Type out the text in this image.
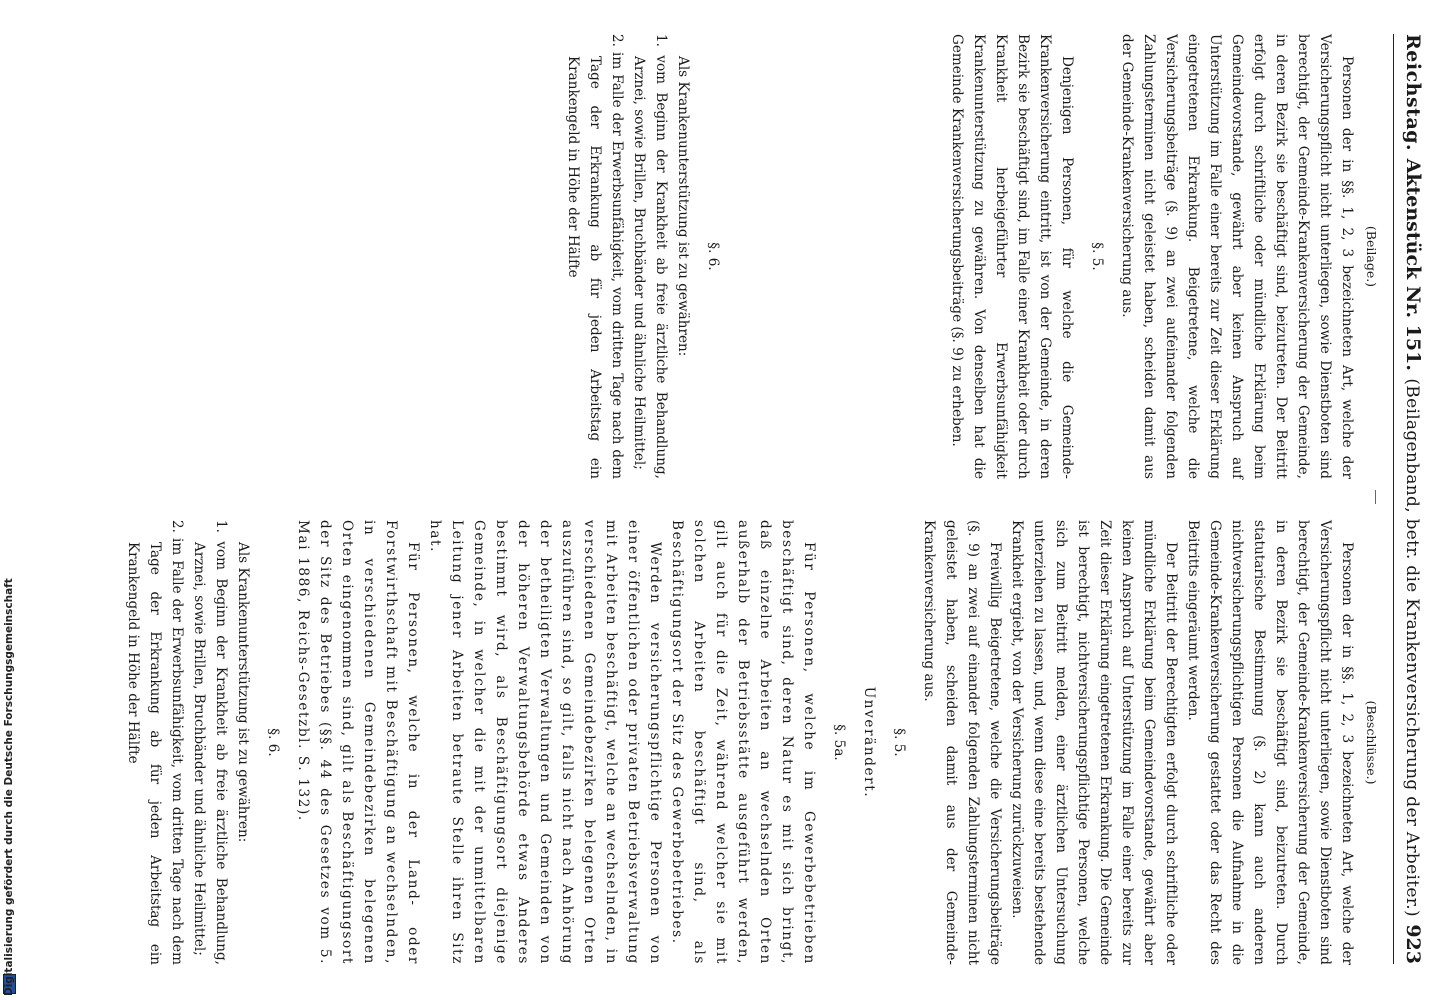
Reichstag.
Aktenstück Nr. 151.
(Beilagenband, betr. die Krankenversicherung der Arbeiter.)
923

(Beilage.)

Personen der in §§. 1, 2, 3 bezeichneten Art, welche der Versicherungspflicht nicht unterliegen, sowie Dienstboten sind berechtigt, der Gemeinde-Krankenversicherung der Gemeinde, in deren Bezirk sie beschäftigt sind, beizutreten. Der Beitritt erfolgt durch schriftliche oder mündliche Erklärung beim Gemeindevorstande, gewährt aber keinen Anspruch auf Unterstützung im Falle einer bereits zur Zeit dieser Erklärung eingetretenen Erkrankung. Beigetretene, welche die Versicherungsbeiträge (§. 9) an zwei aufeinander folgenden Zahlungsterminen nicht geleistet haben, scheiden damit aus der Gemeinde-Krankenversicherung aus.

§. 5.

Denjenigen Personen, für welche die Gemeinde-Krankenversicherung eintritt, ist von der Gemeinde, in deren Bezirk sie beschäftigt sind, im Falle einer Krankheit oder durch Krankheit herbeigeführter Erwerbsunfähigkeit Krankenunterstützung zu gewähren. Von denselben hat die Gemeinde Krankenversicherungsbeiträge (§. 9) zu erheben.

§. 6.

Als Krankenunterstützung ist zu gewähren:

1. vom Beginn der Krankheit ab freie ärztliche Behandlung, Arznei, sowie Brillen, Bruchbänder und ähnliche Heilmittel;

2. im Falle der Erwerbsunfähigkeit, vom dritten Tage nach dem Tage der Erkrankung ab für jeden Arbeitstag ein Krankengeld in Höhe der Hälfte

(Beschlüsse.)

Personen der in §§. 1, 2, 3 bezeichneten Art, welche der Versicherungspflicht nicht unterliegen, sowie Dienstboten sind berechtigt, der Gemeinde-Krankenversicherung der Gemeinde, in deren Bezirk sie beschäftigt sind, beizutreten. Durch statutarische Bestimmung (§. 2) kann auch anderen nichtversicherungspflichtigen Personen die Aufnahme in die Gemeinde-Krankenversicherung gestattet oder das Recht des Beitritts eingeräumt werden.

Der Beitritt der Berechtigten erfolgt durch schriftliche oder mündliche Erklärung beim Gemeindevorstande, gewährt aber keinen Anspruch auf Unterstützung im Falle einer bereits zur Zeit dieser Erklärung eingetretenen Erkrankung. Die Gemeinde ist berechtigt, nichtversicherungspflichtige Personen, welche sich zum Beitritt melden, einer ärztlichen Untersuchung unterziehen zu lassen, und, wenn diese eine bereits bestehende Krankheit ergiebt, von der Versicherung zurückzuweisen.

Freiwillig Beigetretene, welche die Versicherungsbeiträge (§. 9) an zwei auf einander folgenden Zahlungsterminen nicht geleistet haben, scheiden damit aus der Gemeinde-Krankenversicherung aus.

§. 5.

Unverändert.

§. 5a.

Für Personen, welche im Gewerbebetrieben beschäftigt sind, deren Natur es mit sich bringt, daß einzelne Arbeiten an wechselnden Orten außerhalb der Betriebsstätte ausgeführt werden, gilt auch für die Zeit, während welcher sie mit solchen Arbeiten beschäftigt sind, als Beschäftigungsort der Sitz des Gewerbebetriebes.

Werden versicherungspflichtige Personen von einer öffentlichen oder privaten Betriebsverwaltung mit Arbeiten beschäftigt, welche an wechselnden, in verschiedenen Gemeindebezirken belegenen Orten auszuführen sind, so gilt, falls nicht nach Anhörung der betheiligten Verwaltungen und Gemeinden von der höheren Verwaltungsbehörde etwas Anderes bestimmt wird, als Beschäftigungsort diejenige Gemeinde, in welcher die mit der unmittelbaren Leitung jener Arbeiten betraute Stelle ihren Sitz hat.

Für Personen, welche in der Land- oder Forstwirthschaft mit Beschäftigung an wechselnden, in verschiedenen Gemeindebezirken belegenen Orten eingenommen sind, gilt als Beschäftigungsort der Sitz des Betriebes (§§. 44 des Gesetzes vom 5. Mai 1886, Reichs-Gesetzbl. S. 132).

§. 6.

Als Krankenunterstützung ist zu gewähren:

1. vom Beginn der Krankheit ab freie ärztliche Behandlung, Arznei, sowie Brillen, Bruchbänder und ähnliche Heilmittel;

2. im Falle der Erwerbsunfähigkeit, vom dritten Tage nach dem Tage der Erkrankung ab für jeden Arbeitstag ein Krankengeld in Höhe der Hälfte

Digitalisierung gefördert durch die Deutsche Forschungsgemeinschaft
